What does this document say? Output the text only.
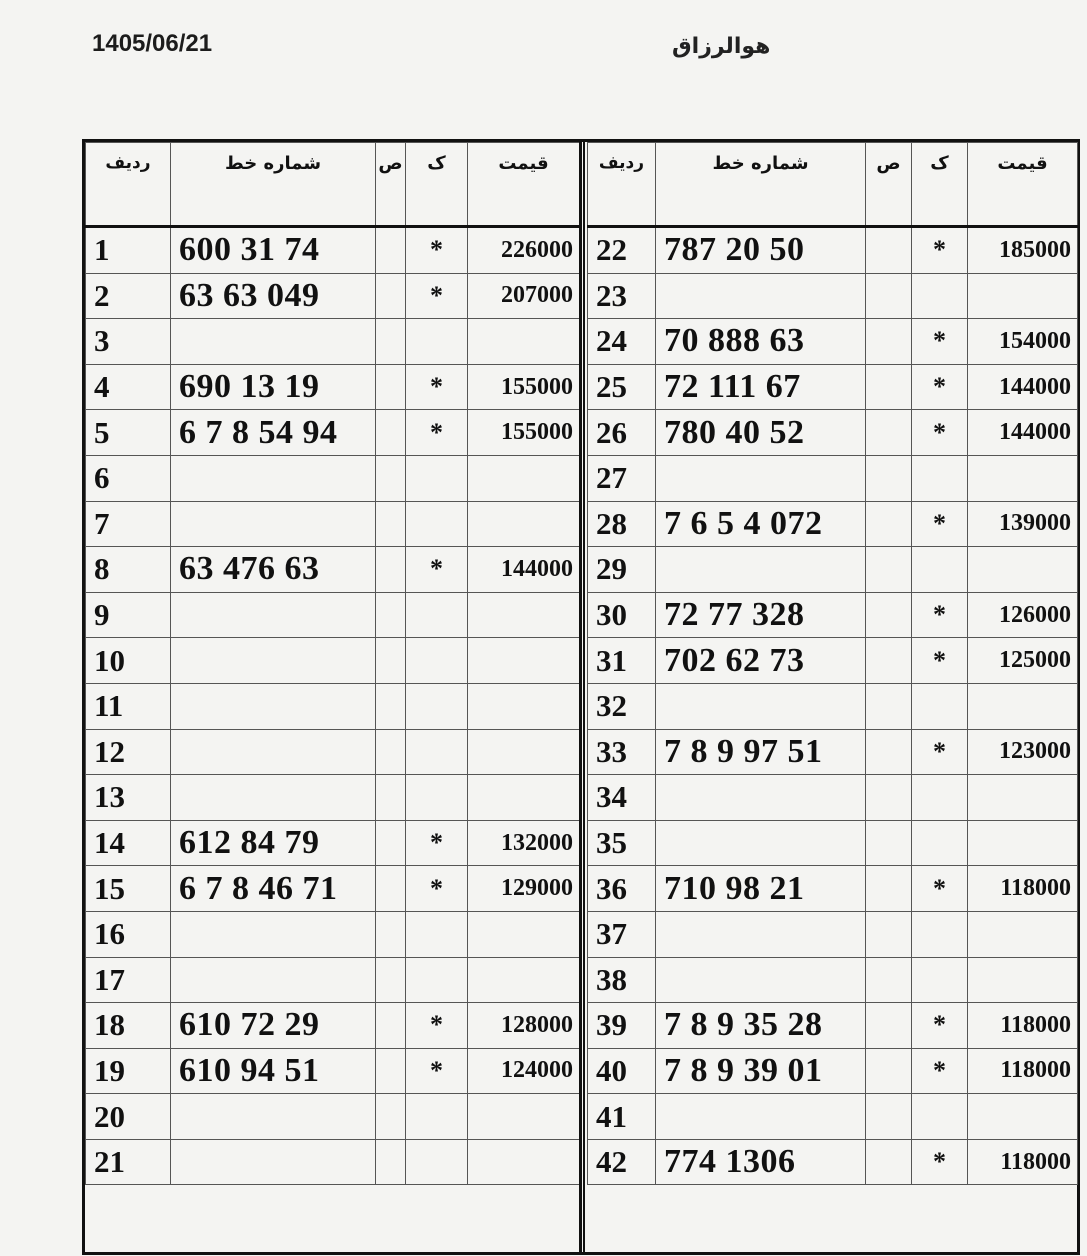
1405/06/21	هوالرزاق
ردیف	شماره خط	ص	ک	قیمت
1	600 31 74		*	226000
2	63 63 049		*	207000
3				
4	690 13 19		*	155000
5	6 7 8 54 94		*	155000
6				
7				
8	63 476 63		*	144000
9				
10				
11				
12				
13				
14	612 84 79		*	132000
15	6 7 8 46 71		*	129000
16				
17				
18	610 72 29		*	128000
19	610 94 51		*	124000
20				
21				
ردیف	شماره خط	ص	ک	قیمت
22	787 20 50		*	185000
23				
24	70 888 63		*	154000
25	72 111 67		*	144000
26	780 40 52		*	144000
27				
28	7 6 5 4 072		*	139000
29				
30	72 77 328		*	126000
31	702 62 73		*	125000
32				
33	7 8 9 97 51		*	123000
34				
35				
36	710 98 21		*	118000
37				
38				
39	7 8 9 35 28		*	118000
40	7 8 9 39 01		*	118000
41				
42	774 1306		*	118000
